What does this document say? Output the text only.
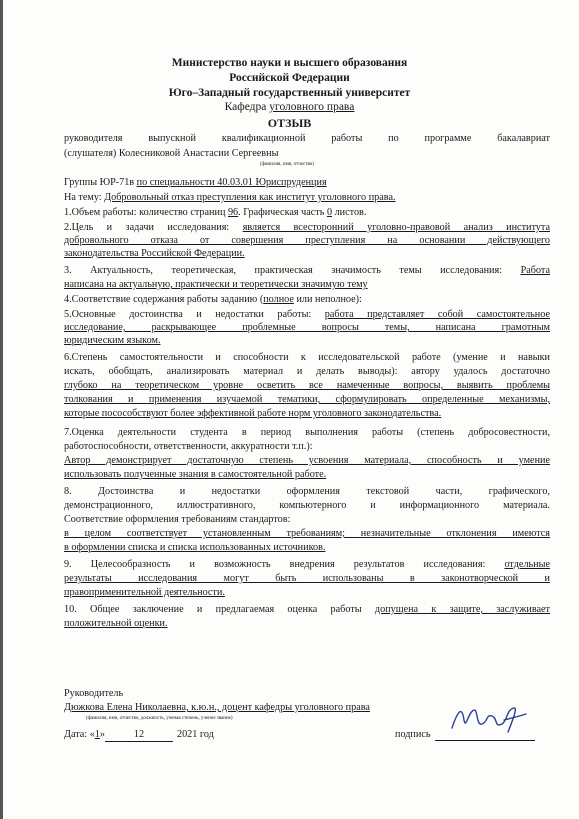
Министерство науки и высшего образования
Российской Федерации
Юго–Западный государственный университет
Кафедра уголовного права
ОТЗЫВ
руководителя выпускной квалификационной работы по программе бакалавриат
(слушателя) Колесниковой Анастасии Сергеевны
(фамилия, имя, отчество)
Группы ЮР-71в по специальности 40.03.01 Юриспруденция
На тему: Добровольный отказ преступления как институт уголовного права.
1.Объем работы: количество страниц 96. Графическая часть 0 листов.
2.Цель и задачи исследования: является всесторонний уголовно-правовой анализ института
добровольного отказа от совершения преступления на основании действующего
законодательства Российской Федерации.
3. Актуальность, теоретическая, практическая значимость темы исследования: Работа
написана на актуальную, практически и теоретически значимую тему
4.Соответствие содержания работы заданию (полное или неполное):
5.Основные достоинства и недостатки работы: работа представляет собой самостоятельное
исследование, раскрывающее проблемные вопросы темы, написана грамотным
юридическим языком.
6.Степень самостоятельности и способности к исследовательской работе (умение и навыки
искать, обобщать, анализировать материал и делать выводы): автору удалось достаточно
глубоко на теоретическом уровне осветить все намеченные вопросы, выявить проблемы
толкования и применения изучаемой тематики, сформулировать определенные механизмы,
которые посособствуют более эффективной работе норм уголовного законодательства.
7.Оценка деятельности студента в период выполнения работы (степень добросовестности,
работоспособности, ответственности, аккуратности т.п.):
Автор демонстрирует достаточную степень усвоения материала, способность и умение
использовать полученные знания в самостоятельной работе.
8. Достоинства и недостатки оформления текстовой части, графического,
демонстрационного, иллюстративного, компьютерного и информационного материала.
Соответствие оформления требованиям стандартов:
в целом соответствует установленным требованиям; незначительные отклонения имеются
в оформлении списка и списка использованных источников.
9. Целесообразность и возможность внедрения результатов исследования: отдельные
результаты исследования могут быть использованы в законотворческой и
правоприменительной деятельности.
10. Общее заключение и предлагаемая оценка работы допущена к защите, заслуживает
положительной оценки.
Руководитель
Дюжкова Елена Николаевна, к.ю.н., доцент кафедры уголовного права
(фамилия, имя, отчество, должность, ученая степень, ученое звание)
Дата: «1»	12	2021 год	подпись
